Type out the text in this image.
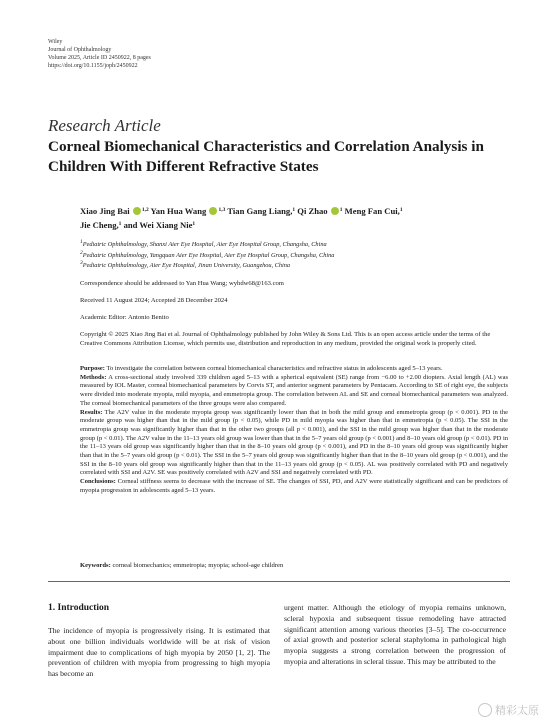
Wiley
Journal of Ophthalmology
Volume 2025, Article ID 2450922, 8 pages
https://doi.org/10.1155/joph/2450922
Research Article
Corneal Biomechanical Characteristics and Correlation Analysis in Children With Different Refractive States
Xiao Jing Bai $^{1,2}$ Yan Hua Wang $^{1,3}$ Tian Gang Liang,$^1$ Qi Zhao $^1$ Meng Fan Cui,$^1$
Jie Cheng,$^1$ and Wei Xiang Nie$^1$
$^1$Pediatric Ophthalmology, Shanxi Aier Eye Hospital, Aier Eye Hospital Group, Changsha, China
$^2$Pediatric Ophthalmology, Yangquan Aier Eye Hospital, Aier Eye Hospital Group, Changsha, China
$^3$Pediatric Ophthalmology, Aier Eye Hospital, Jinan University, Guangzhou, China
Correspondence should be addressed to Yan Hua Wang; wyhdw68@163.com
Received 11 August 2024; Accepted 28 December 2024
Academic Editor: Antonio Benito
Copyright © 2025 Xiao Jing Bai et al. Journal of Ophthalmology published by John Wiley & Sons Ltd. This is an open access article under the terms of the Creative Commons Attribution License, which permits use, distribution and reproduction in any medium, provided the original work is properly cited.

Purpose: To investigate the correlation between corneal biomechanical characteristics and refractive status in adolescents aged 5–13 years.

Methods: A cross-sectional study involved 339 children aged 5–13 with a spherical equivalent (SE) range from −6.00 to +2.00 diopters. Axial length (AL) was measured by IOL Master, corneal biomechanical parameters by Corvis ST, and anterior segment parameters by Pentacam. According to SE of right eye, the subjects were divided into moderate myopia, mild myopia, and emmetropia group. The correlation between AL and SE and corneal biomechanical parameters was analyzed. The corneal biomechanical parameters of the three groups were also compared.

Results: The A2V value in the moderate myopia group was significantly lower than that in both the mild group and emmetropia group (p < 0.001). PD in the moderate group was higher than that in the mild group (p < 0.05), while PD in mild myopia was higher than that in emmetropia (p < 0.05). The SSI in the emmetropia group was significantly higher than that in the other two groups (all p < 0.001), and the SSI in the mild group was higher than that in the moderate group (p < 0.01). The A2V value in the 11–13 years old group was lower than that in the 5–7 years old group (p < 0.001) and 8–10 years old group (p < 0.01). PD in the 11–13 years old group was significantly higher than that in the 8–10 years old group (p < 0.001), and PD in the 8–10 years old group was significantly higher than that in the 5–7 years old group (p < 0.01). The SSI in the 5–7 years old group was significantly higher than that in the 8–10 years old group (p < 0.001), and the SSI in the 8–10 years old group was significantly higher than that in the 11–13 years old group (p < 0.05). AL was positively correlated with PD and negatively correlated with SSI and A2V. SE was positively correlated with A2V and SSI and negatively correlated with PD.

Conclusions: Corneal stiffness seems to decrease with the increase of SE. The changes of SSI, PD, and A2V were statistically significant and can be predictors of myopia progression in adolescents aged 5–13 years.

Keywords: corneal biomechanics; emmetropia; myopia; school-age children
1. Introduction
The incidence of myopia is progressively rising. It is estimated that about one billion individuals worldwide will be at risk of vision impairment due to complications of high myopia by 2050 [1, 2]. The prevention of children with myopia from progressing to high myopia has become an
urgent matter. Although the etiology of myopia remains unknown, scleral hypoxia and subsequent tissue remodeling have attracted significant attention among various theories [3–5]. The co-occurrence of axial growth and posterior scleral staphyloma in pathological high myopia suggests a strong correlation between the progression of myopia and alterations in scleral tissue. This may be attributed to the
精彩太原
